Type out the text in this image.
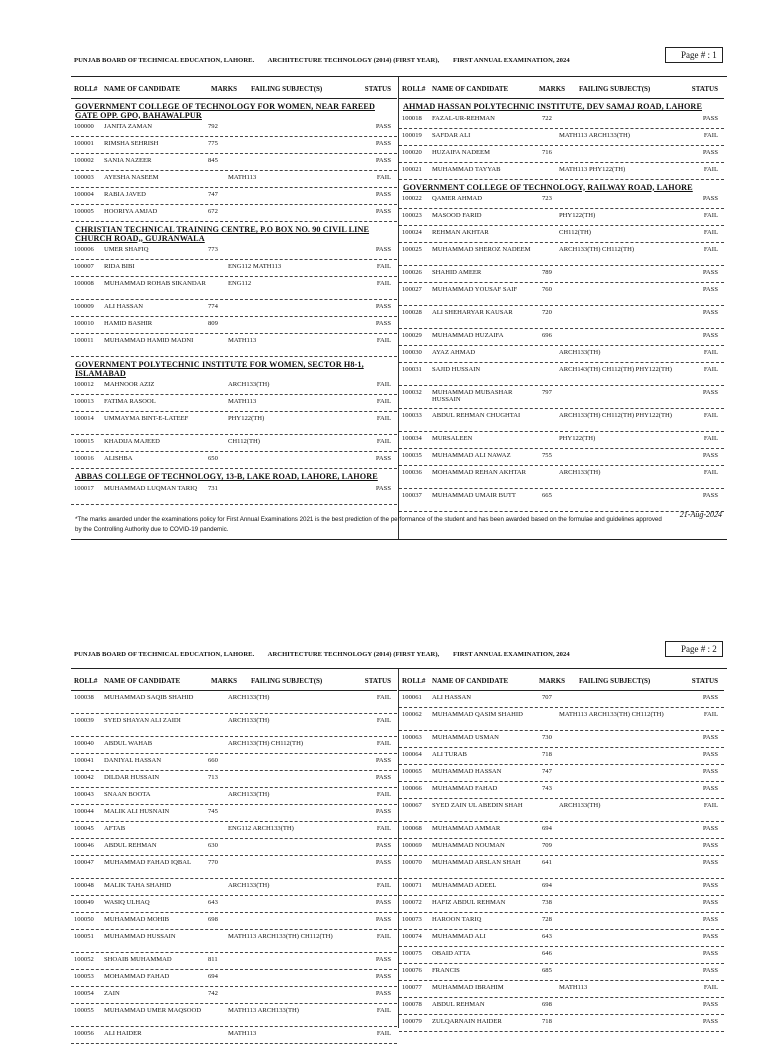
Page # : 1
PUNJAB BOARD OF TECHNICAL EDUCATION, LAHORE. ARCHITECTURE TECHNOLOGY (2014) (FIRST YEAR), FIRST ANNUAL EXAMINATION, 2024
ROLL# NAME OF CANDIDATE	MARKS FAILING SUBJECT(S)	STATUS
GOVERNMENT COLLEGE OF TECHNOLOGY FOR WOMEN, NEAR FAREED GATE OPP. GPO, BAHAWALPUR
100000 JANITA ZAMAN	792	PASS
100001 RIMSHA SEHRISH	775	PASS
100002 SANIA NAZEER	845	PASS
100003 AYESHA NASEEM	MATH113	FAIL
100004 RABIA JAVED	747	PASS
100005 HOORIYA AMJAD	672	PASS
CHRISTIAN TECHNICAL TRAINING CENTRE, P.O BOX NO. 90 CIVIL LINE CHURCH ROAD,, GUJRANWALA
100006 UMER SHAFIQ	773	PASS
100007 RIDA BIBI	ENG112 MATH113	FAIL
100008 MUHAMMAD ROHAB SIKANDAR	ENG112	FAIL
100009 ALI HASSAN	774	PASS
100010 HAMID BASHIR	809	PASS
100011 MUHAMMAD HAMID MADNI	MATH113	FAIL
GOVERNMENT POLYTECHNIC INSTITUTE FOR WOMEN, SECTOR H8-1, ISLAMABAD
100012 MAHNOOR AZIZ	ARCH133(TH)	FAIL
100013 FATIMA RASOOL	MATH113	FAIL
100014 UMMAYMA BINT-E-LATEEF	PHY122(TH)	FAIL
100015 KHADIJA MAJEED	CH112(TH)	FAIL
100016 ALISHBA	650	PASS
ABBAS COLLEGE OF TECHNOLOGY, 13-B, LAKE ROAD, LAHORE, LAHORE
100017 MUHAMMAD LUQMAN TARIQ	731	PASS
ROLL# NAME OF CANDIDATE	MARKS FAILING SUBJECT(S)	STATUS
AHMAD HASSAN POLYTECHNIC INSTITUTE, DEV SAMAJ ROAD, LAHORE
100018 FAZAL-UR-REHMAN	722	PASS
100019 SAFDAR ALI	MATH113 ARCH133(TH)	FAIL
100020 HUZAIFA NADEEM	716	PASS
100021 MUHAMMAD TAYYAB	MATH113 PHY122(TH)	FAIL
GOVERNMENT COLLEGE OF TECHNOLOGY, RAILWAY ROAD, LAHORE
100022 QAMER AHMAD	723	PASS
100023 MASOOD FARID	PHY122(TH)	FAIL
100024 REHMAN AKHTAR	CH112(TH)	FAIL
100025 MUHAMMAD SHEROZ NADEEM	ARCH133(TH) CH112(TH)	FAIL
100026 SHAHID AMEER	789	PASS
100027 MUHAMMAD YOUSAF SAIF	760	PASS
100028 ALI SHEHARYAR KAUSAR	720	PASS
100029 MUHAMMAD HUZAIFA	696	PASS
100030 AYAZ AHMAD	ARCH133(TH)	FAIL
100031 SAJID HUSSAIN	ARCH143(TH) CH112(TH) PHY122(TH)	FAIL
100032 MUHAMMAD MUBASHAR HUSSAIN
797	PASS
100033 ABDUL REHMAN CHUGHTAI	ARCH133(TH) CH112(TH) PHY122(TH)	FAIL
100034 MURSALEEN	PHY122(TH)	FAIL
100035 MUHAMMAD ALI NAWAZ	755	PASS
100036 MOHAMMAD REHAN AKHTAR	ARCH133(TH)	FAIL
100037 MUHAMMAD UMAIR BUTT	665	PASS
21-Aug-2024
*The marks awarded under the examinations policy for First Annual Examinations 2021 is the best prediction of the performance of the student and has been awarded based on the formulae and guidelines approved by the Controlling Authority due to COVID-19 pandemic.
Page # : 2
PUNJAB BOARD OF TECHNICAL EDUCATION, LAHORE. ARCHITECTURE TECHNOLOGY (2014) (FIRST YEAR), FIRST ANNUAL EXAMINATION, 2024
ROLL# NAME OF CANDIDATE	MARKS FAILING SUBJECT(S)	STATUS
100038 MUHAMMAD SAQIB SHAHID	ARCH133(TH)	FAIL
100039 SYED SHAYAN ALI ZAIDI	ARCH133(TH)	FAIL
100040 ABDUL WAHAB	ARCH133(TH) CH112(TH)	FAIL
100041 DANIYAL HASSAN	660	PASS
100042 DILDAR HUSSAIN	713	PASS
100043 SNAAN BOOTA	ARCH133(TH)	FAIL
100044 MALIK ALI HUSNAIN	745	PASS
100045 AFTAB	ENG112 ARCH133(TH)	FAIL
100046 ABDUL REHMAN	630	PASS
100047 MUHAMMAD FAHAD IQBAL	770	PASS
100048 MALIK TAHA SHAHID	ARCH133(TH)	FAIL
100049 WASIQ ULHAQ	643	PASS
100050 MUHAMMAD MOHIB	698	PASS
100051 MUHAMMAD HUSSAIN	MATH113 ARCH133(TH) CH112(TH)	FAIL
100052 SHOAIB MUHAMMAD	811	PASS
100053 MOHAMMAD FAHAD	694	PASS
100054 ZAIN	742	PASS
100055 MUHAMMAD UMER MAQSOOD	MATH113 ARCH133(TH)	FAIL
100056 ALI HAIDER	MATH113	FAIL
ROLL# NAME OF CANDIDATE	MARKS FAILING SUBJECT(S)	STATUS
100061 ALI HASSAN	707	PASS
100062 MUHAMMAD QASIM SHAHID	MATH113 ARCH133(TH) CH112(TH)	FAIL
100063 MUHAMMAD USMAN	730	PASS
100064 ALI TURAB	718	PASS
100065 MUHAMMAD HASSAN	747	PASS
100066 MUHAMMAD FAHAD	743	PASS
100067 SYED ZAIN UL ABEDIN SHAH	ARCH133(TH)	FAIL
100068 MUHAMMAD AMMAR	694	PASS
100069 MUHAMMAD NOUMAN	709	PASS
100070 MUHAMMAD ARSLAN SHAH	641	PASS
100071 MUHAMMAD ADEEL	694	PASS
100072 HAFIZ ABDUL REHMAN	738	PASS
100073 HAROON TARIQ	728	PASS
100074 MUHAMMAD ALI	643	PASS
100075 OBAID ATTA	646	PASS
100076 FRANCIS	685	PASS
100077 MUHAMMAD IBRAHIM	MATH113	FAIL
100078 ABDUL REHMAN	698	PASS
100079 ZULQARNAIN HAIDER	718	PASS
